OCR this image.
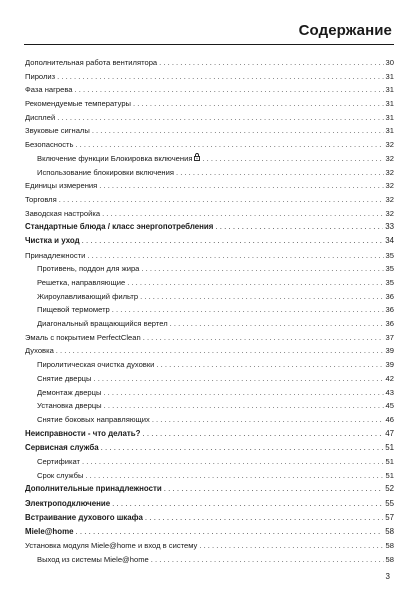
Содержание
Дополнительная работа вентилятора . . .	30
Пиролиз . . .	31
Фаза нагрева . . .	31
Рекомендуемые температуры . . .	31
Дисплей . . .	31
Звуковые сигналы . . .	31
Безопасность . . .	32
Включение функции Блокировка включения . . .	32
Использование блокировки включения . . .	32
Единицы измерения . . .	32
Торговля . . .	32
Заводская настройка . . .	32
Стандартные блюда / класс энергопотребления . . .	33
Чистка и уход . . .	34
Принадлежности . . .	35
Противень, поддон для жира . . .	35
Решетка, направляющие . . .	35
Жироулавливающий фильтр . . .	36
Пищевой термометр . . .	36
Диагональный вращающийся вертел . . .	36
Эмаль с покрытием PerfectClean . . .	37
Духовка . . .	39
Пиролитическая очистка духовки . . .	39
Снятие дверцы . . .	42
Демонтаж дверцы . . .	43
Установка дверцы . . .	45
Снятие боковых направляющих . . .	46
Неисправности - что делать? . . .	47
Сервисная служба . . .	51
Сертификат . . .	51
Срок службы . . .	51
Дополнительные принадлежности . . .	52
Электроподключение . . .	55
Встраивание духового шкафа . . .	57
Miele@home . . .	58
Установка модуля Miele@home и вход в систему . . .	58
Выход из системы Miele@home . . .	58
3
